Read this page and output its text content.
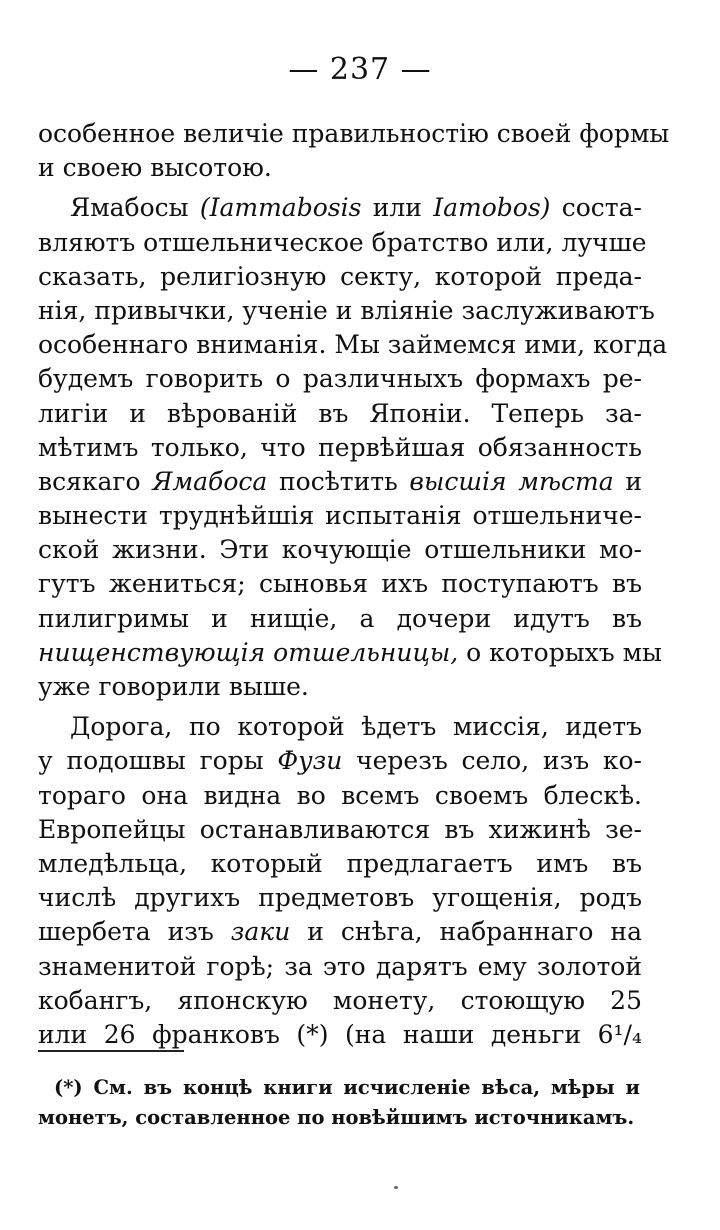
— 237 —
особенное величіе правильностію своей формы
и своею высотою.
Ямабосы (Iammabosis или Iamobos) соста-
вляютъ отшельническое братство или, лучше
сказать, религіозную секту, которой преда-
нія, привычки, ученіе и вліяніе заслуживаютъ
особеннаго вниманія. Мы займемся ими, когда
будемъ говорить о различныхъ формахъ ре-
лигіи и вѣрованій въ Японіи. Теперь за-
мѣтимъ только, что первѣйшая обязанность
всякаго Ямабоса посѣтить высшія мѣста и
вынести труднѣйшія испытанія отшельниче-
ской жизни. Эти кочующіе отшельники мо-
гутъ жениться; сыновья ихъ поступаютъ въ
пилигримы и нищіе, а дочери идутъ въ
нищенствующія отшельницы, о которыхъ мы
уже говорили выше.
Дорога, по которой ѣдетъ миссія, идетъ
у подошвы горы Фузи черезъ село, изъ ко-
тораго она видна во всемъ своемъ блескѣ.
Европейцы останавливаются въ хижинѣ зе-
мледѣльца, который предлагаетъ имъ въ
числѣ другихъ предметовъ угощенія, родъ
шербета изъ заки и снѣга, набраннаго на
знаменитой горѣ; за это дарятъ ему золотой
кобангъ, японскую монету, стоющую 25
или 26 франковъ (*) (на наши деньги 6¹/₄
(*) См. въ концѣ книги исчисленіе вѣса, мѣры и
монетъ, составленное по новѣйшимъ источникамъ.
